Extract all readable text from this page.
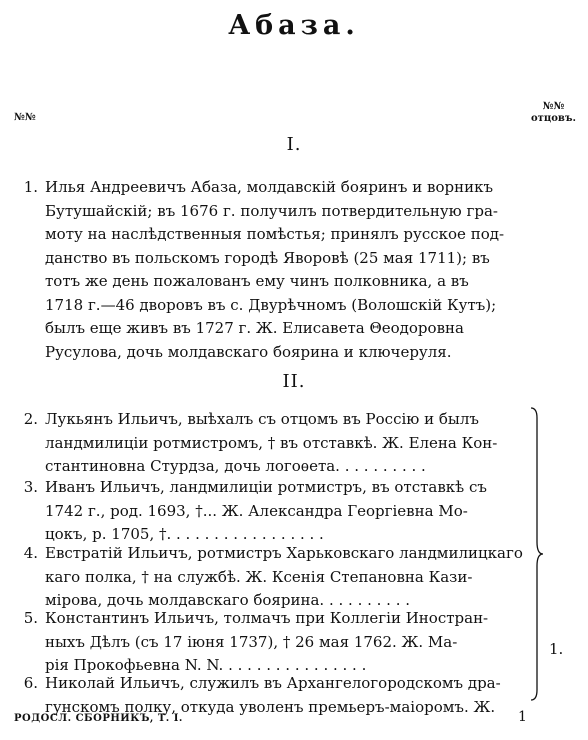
Абаза.
№№
№№
отцовъ.
I.
1. Илья Андреевичъ Абаза, молдавскій бояринъ и ворникъ
Бутушайскій; въ 1676 г. получилъ потвердительную гра-
моту на наслѣдственныя помѣстья; принялъ русское под-
данство въ польскомъ городѣ Яворовѣ (25 мая 1711); въ
тотъ же день пожалованъ ему чинъ полковника, а въ
1718 г.—46 дворовъ въ с. Двурѣчномъ (Волошскій Кутъ);
былъ еще живъ въ 1727 г. Ж. Елисавета Θеодоровна
Русулова, дочь молдавскаго боярина и ключеруля.
II.
2. Лукьянъ Ильичъ, выѣхалъ съ отцомъ въ Россію и былъ
ландмилиціи ротмистромъ, † въ отставкѣ. Ж. Елена Кон-
стантиновна Стурдза, дочь логоѳета. . . . . . . . . .
3. Иванъ Ильичъ, ландмилиціи ротмистръ, въ отставкѣ съ
1742 г., род. 1693, †... Ж. Александра Георгіевна Мо-
цокъ, р. 1705, †. . . . . . . . . . . . . . . . .
4. Евстратій Ильичъ, ротмистръ Харьковскаго ландмилицкаго
каго полка, † на службѣ. Ж. Ксенія Степановна Кази-
мірова, дочь молдавскаго боярина. . . . . . . . . .
5. Константинъ Ильичъ, толмачъ при Коллегіи Иностран-
ныхъ Дѣлъ (съ 17 іюня 1737), † 26 мая 1762. Ж. Ма-
рія Прокофьевна N. N. . . . . . . . . . . . . . . .
6. Николай Ильичъ, служилъ въ Архангелогородскомъ дра-
гунскомъ полку, откуда уволенъ премьеръ-маіоромъ. Ж.
1.
РОДОСЛ. СБОРНИКЪ, Т. I.	1
